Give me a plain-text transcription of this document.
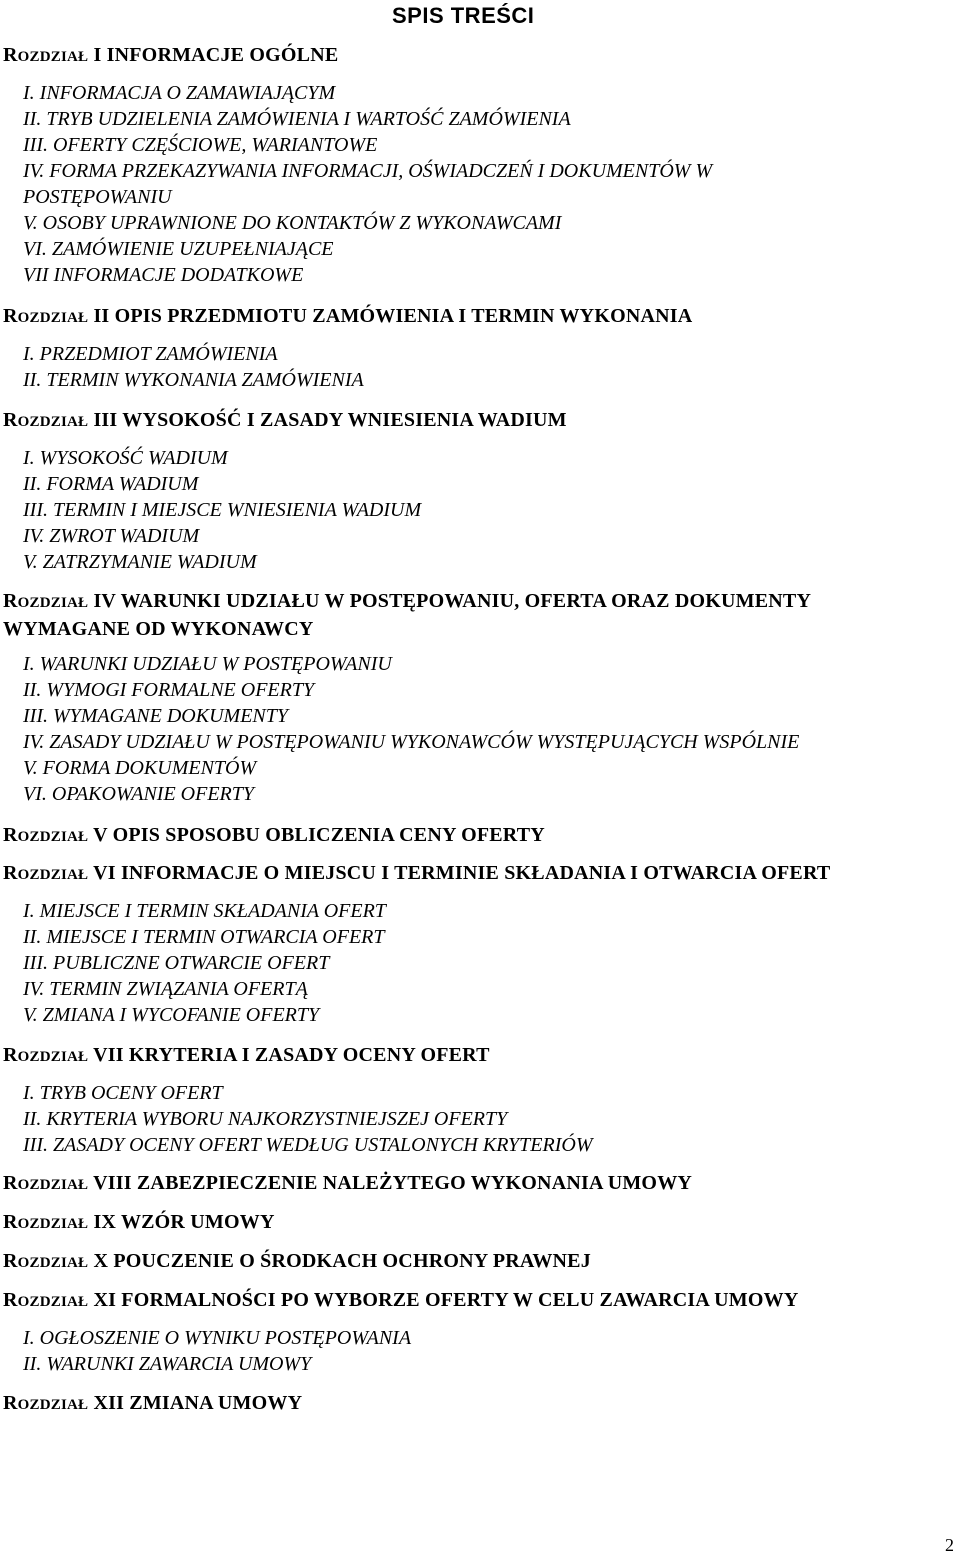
SPIS TREŚCI
ROZDZIAŁ I INFORMACJE OGÓLNE
I. INFORMACJA O ZAMAWIAJĄCYM
II. TRYB UDZIELENIA ZAMÓWIENIA I WARTOŚĆ ZAMÓWIENIA
III. OFERTY CZĘŚCIOWE, WARIANTOWE
IV. FORMA PRZEKAZYWANIA INFORMACJI, OŚWIADCZEŃ I DOKUMENTÓW W
POSTĘPOWANIU
V. OSOBY UPRAWNIONE DO KONTAKTÓW Z WYKONAWCAMI
VI. ZAMÓWIENIE UZUPEŁNIAJĄCE
VII INFORMACJE DODATKOWE
ROZDZIAŁ II OPIS PRZEDMIOTU ZAMÓWIENIA I TERMIN WYKONANIA
I. PRZEDMIOT ZAMÓWIENIA
II. TERMIN WYKONANIA ZAMÓWIENIA
ROZDZIAŁ III WYSOKOŚĆ I ZASADY WNIESIENIA WADIUM
I. WYSOKOŚĆ WADIUM
II. FORMA WADIUM
III. TERMIN I MIEJSCE WNIESIENIA WADIUM
IV. ZWROT WADIUM
V. ZATRZYMANIE WADIUM
ROZDZIAŁ IV WARUNKI UDZIAŁU W POSTĘPOWANIU, OFERTA ORAZ DOKUMENTY
WYMAGANE OD WYKONAWCY
I. WARUNKI UDZIAŁU W POSTĘPOWANIU
II. WYMOGI FORMALNE OFERTY
III. WYMAGANE DOKUMENTY
IV. ZASADY UDZIAŁU W POSTĘPOWANIU WYKONAWCÓW WYSTĘPUJĄCYCH WSPÓLNIE
V. FORMA DOKUMENTÓW
VI. OPAKOWANIE OFERTY
ROZDZIAŁ V OPIS SPOSOBU OBLICZENIA CENY OFERTY
ROZDZIAŁ VI INFORMACJE O MIEJSCU I TERMINIE SKŁADANIA I OTWARCIA OFERT
I. MIEJSCE I TERMIN SKŁADANIA OFERT
II. MIEJSCE I TERMIN OTWARCIA OFERT
III. PUBLICZNE OTWARCIE OFERT
IV. TERMIN ZWIĄZANIA OFERTĄ
V. ZMIANA I WYCOFANIE OFERTY
ROZDZIAŁ VII KRYTERIA I ZASADY OCENY OFERT
I. TRYB OCENY OFERT
II. KRYTERIA WYBORU NAJKORZYSTNIEJSZEJ OFERTY
III. ZASADY OCENY OFERT WEDŁUG USTALONYCH KRYTERIÓW
ROZDZIAŁ VIII ZABEZPIECZENIE NALEŻYTEGO WYKONANIA UMOWY
ROZDZIAŁ IX WZÓR UMOWY
ROZDZIAŁ X POUCZENIE O ŚRODKACH OCHRONY PRAWNEJ
ROZDZIAŁ XI FORMALNOŚCI PO WYBORZE OFERTY W CELU ZAWARCIA UMOWY
I. OGŁOSZENIE O WYNIKU POSTĘPOWANIA
II. WARUNKI ZAWARCIA UMOWY
ROZDZIAŁ XII ZMIANA UMOWY
2
